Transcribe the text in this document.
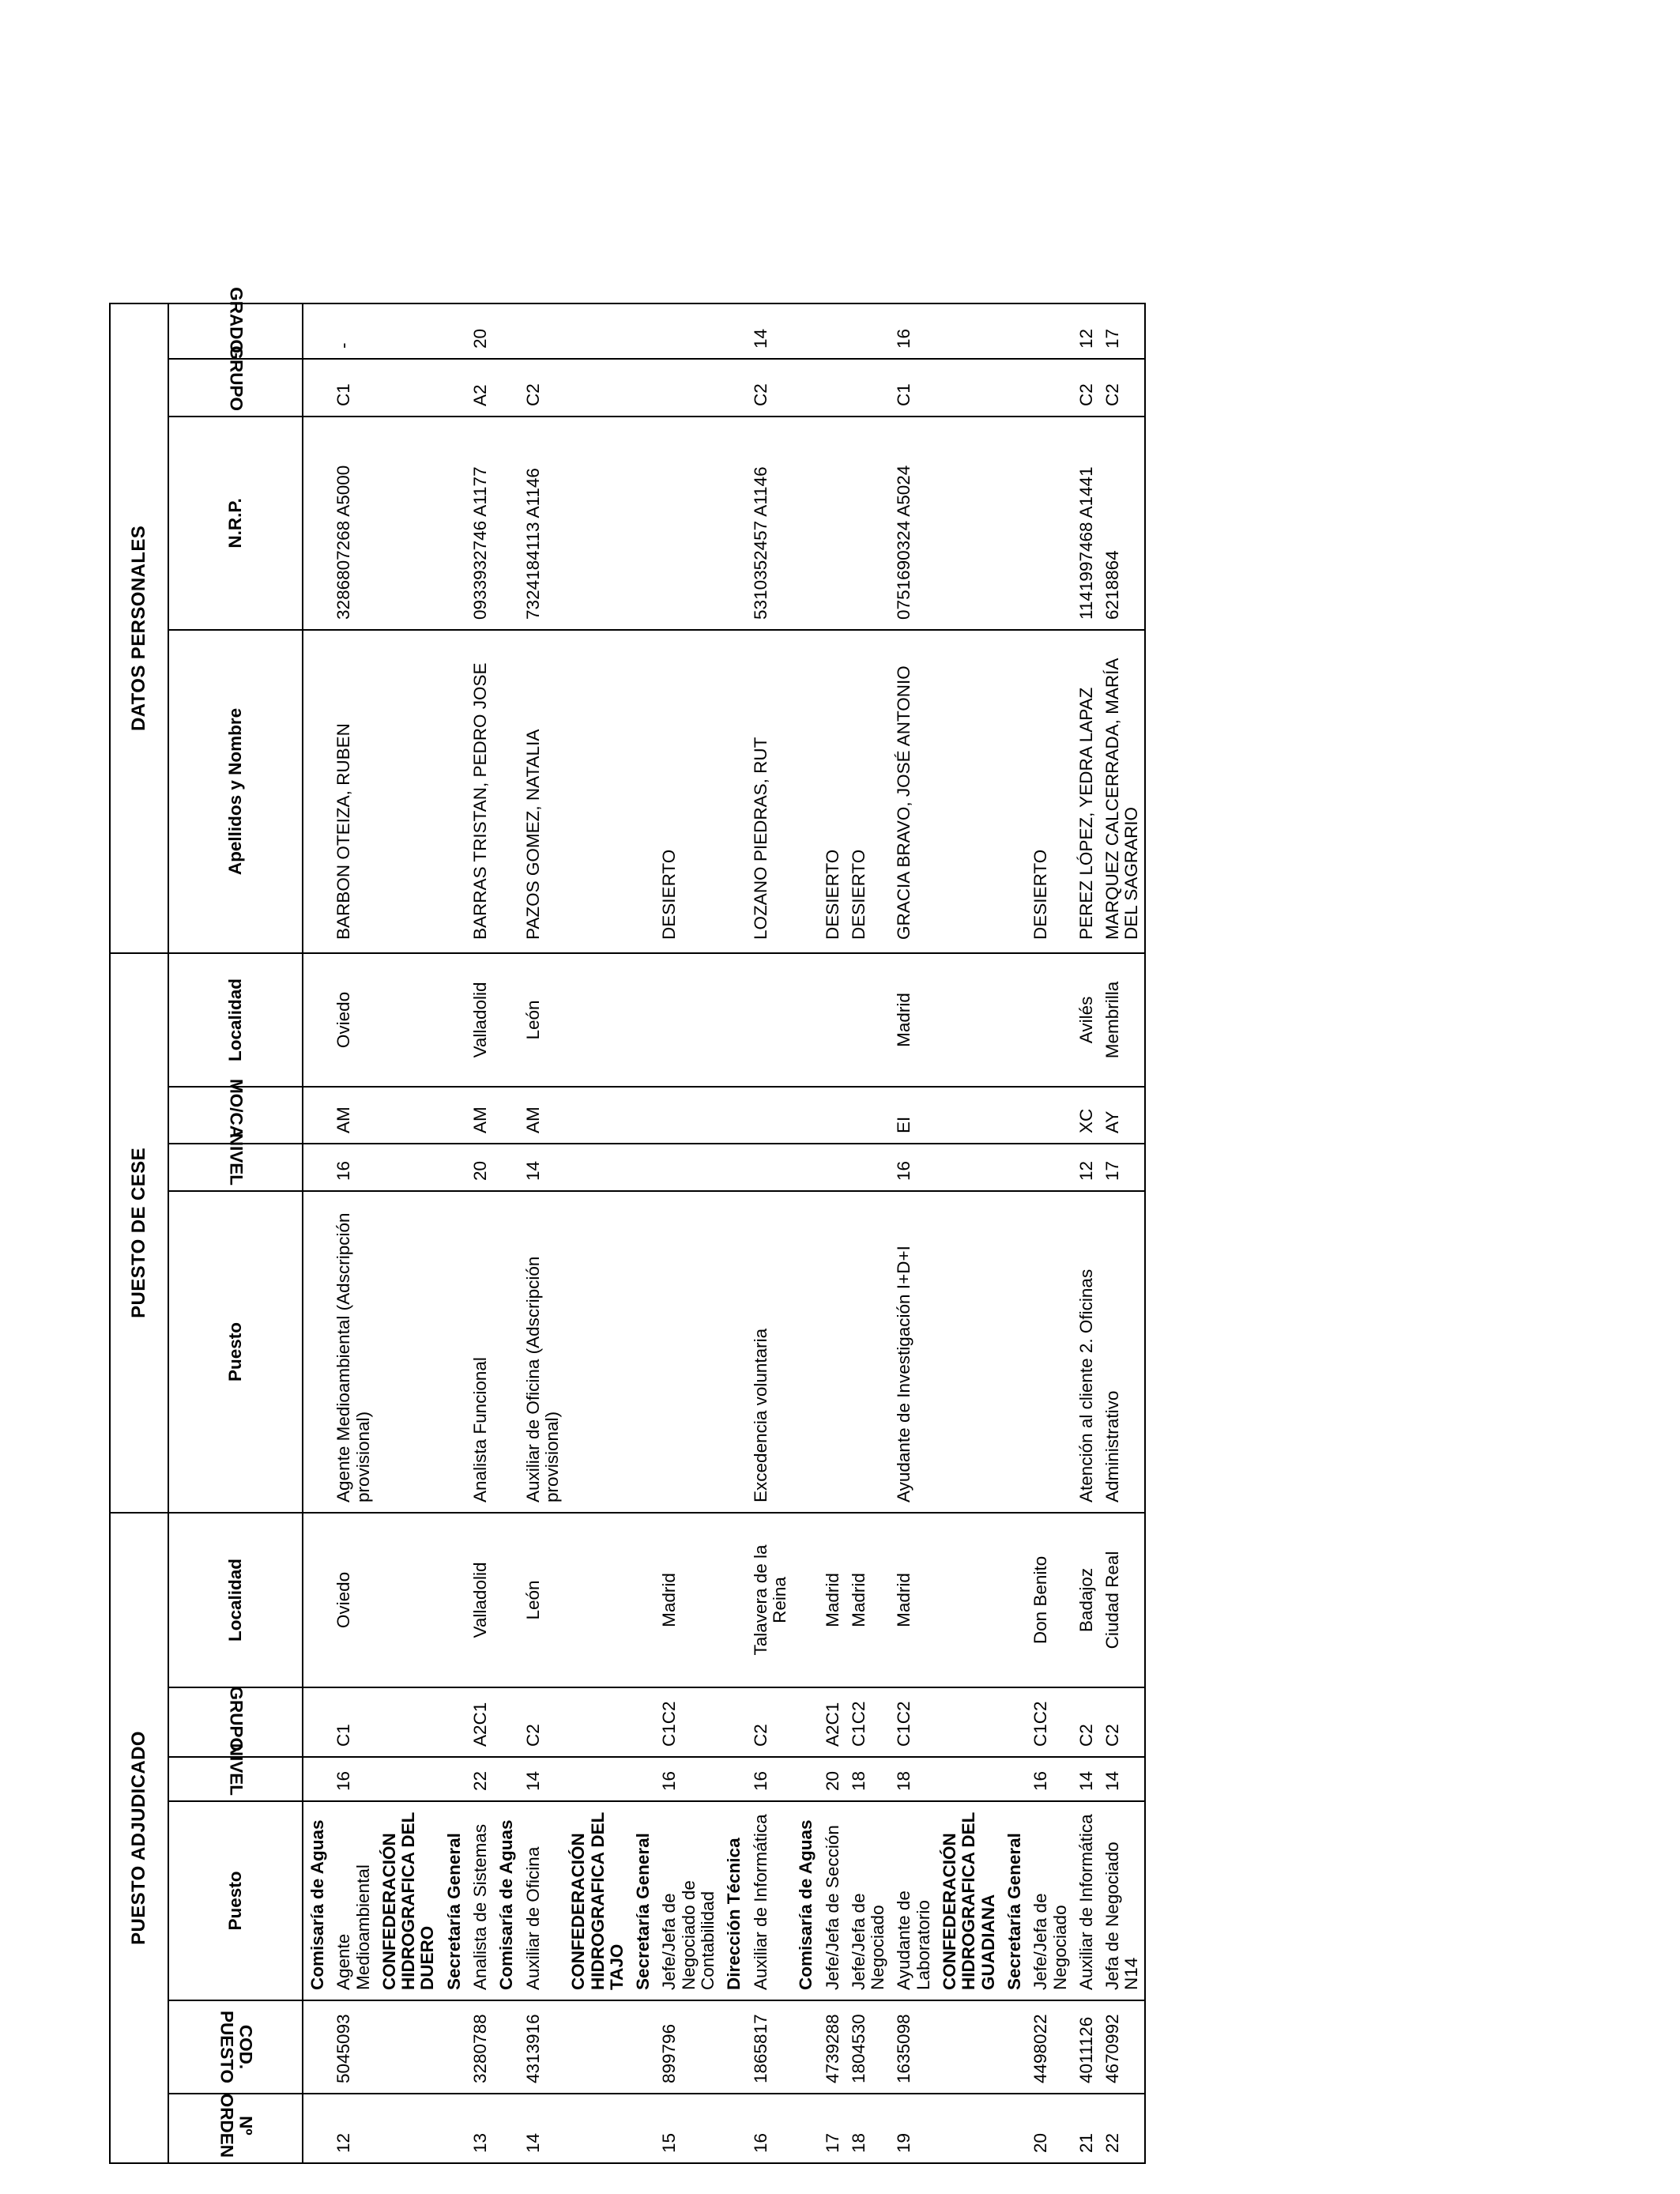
PUESTO ADJUDICADO						PUESTO DE CESE				DATOS PERSONALES				
Nº ORDEN	COD. PUESTO	Puesto	NIVEL	GRUPO	Localidad	Puesto	NIVEL	MO/CA	Localidad	Apellidos y Nombre	N.R.P.	GRUPO	GRADO	
		Comisaría de Aguas												
12	5045093	Agente Medioambiental	16	C1	Oviedo	Agente Medioambiental (Adscripción provisional)	16	AM	Oviedo	BARBON OTEIZA, RUBEN	3286807268 A5000	C1	-	
		CONFEDERACIÓN HIDROGRAFICA DEL DUERO												
		Secretaría General												
13	3280788	Analista de Sistemas	22	A2C1	Valladolid	Analista Funcional	20	AM	Valladolid	BARRAS TRISTAN, PEDRO JOSE	0933932746 A1177	A2	20	
		Comisaría de Aguas												
14	4313916	Auxiliar de Oficina	14	C2	León	Auxiliar de Oficina (Adscripción provisional)	14	AM	León	PAZOS GOMEZ, NATALIA	7324184113 A1146	C2		
		CONFEDERACIÓN HIDROGRAFICA DEL TAJO												
		Secretaría General												
15	899796	Jefe/Jefa de Negociado de Contabilidad	16	C1C2	Madrid					DESIERTO				
		Dirección Técnica												
16	1865817	Auxiliar de Informática	16	C2	Talavera de la Reina	Excedencia voluntaria				LOZANO PIEDRAS, RUT	5310352457 A1146	C2	14	
		Comisaría de Aguas												
17	4739288	Jefe/Jefa de Sección	20	A2C1	Madrid					DESIERTO				
18	1804530	Jefe/Jefa de Negociado	18	C1C2	Madrid					DESIERTO				
19	1635098	Ayudante de Laboratorio	18	C1C2	Madrid	Ayudante de Investigación I+D+I	16	EI	Madrid	GRACIA BRAVO, JOSÉ ANTONIO	0751690324 A5024	C1	16	
		CONFEDERACIÓN HIDROGRAFICA DEL GUADIANA												
		Secretaría General												
20	4498022	Jefe/Jefa de Negociado	16	C1C2	Don Benito					DESIERTO				
21	4011126	Auxiliar de Informática	14	C2	Badajoz	Atención al cliente 2. Oficinas	12	XC	Avilés	PEREZ LÓPEZ, YEDRA LAPAZ	1141997468 A1441	C2	12	
22	4670992	Jefa de Negociado N14	14	C2	Ciudad Real	Administrativo	17	AY	Membrilla	MARQUEZ CALCERRADA, MARÍA DEL SAGRARIO	6218864	C2	17	
